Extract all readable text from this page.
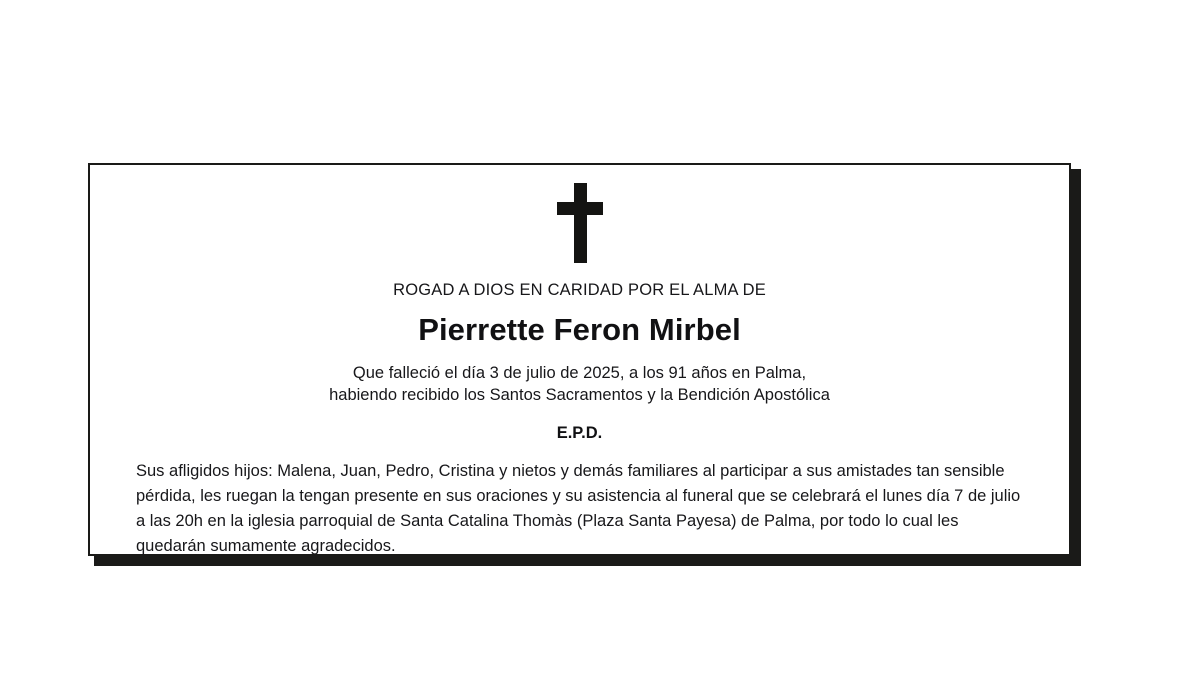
ROGAD A DIOS EN CARIDAD POR EL ALMA DE
Pierrette Feron Mirbel
Que falleció el día 3 de julio de 2025, a los 91 años en Palma,
habiendo recibido los Santos Sacramentos y la Bendición Apostólica
E.P.D.
Sus afligidos hijos: Malena, Juan, Pedro, Cristina y nietos y demás familiares al participar a sus amistades tan sensible pérdida, les ruegan la tengan presente en sus oraciones y su asistencia al funeral que se celebrará el lunes día 7 de julio a las 20h en la iglesia parroquial de Santa Catalina Thomàs (Plaza Santa Payesa) de Palma, por todo lo cual les quedarán sumamente agradecidos.
